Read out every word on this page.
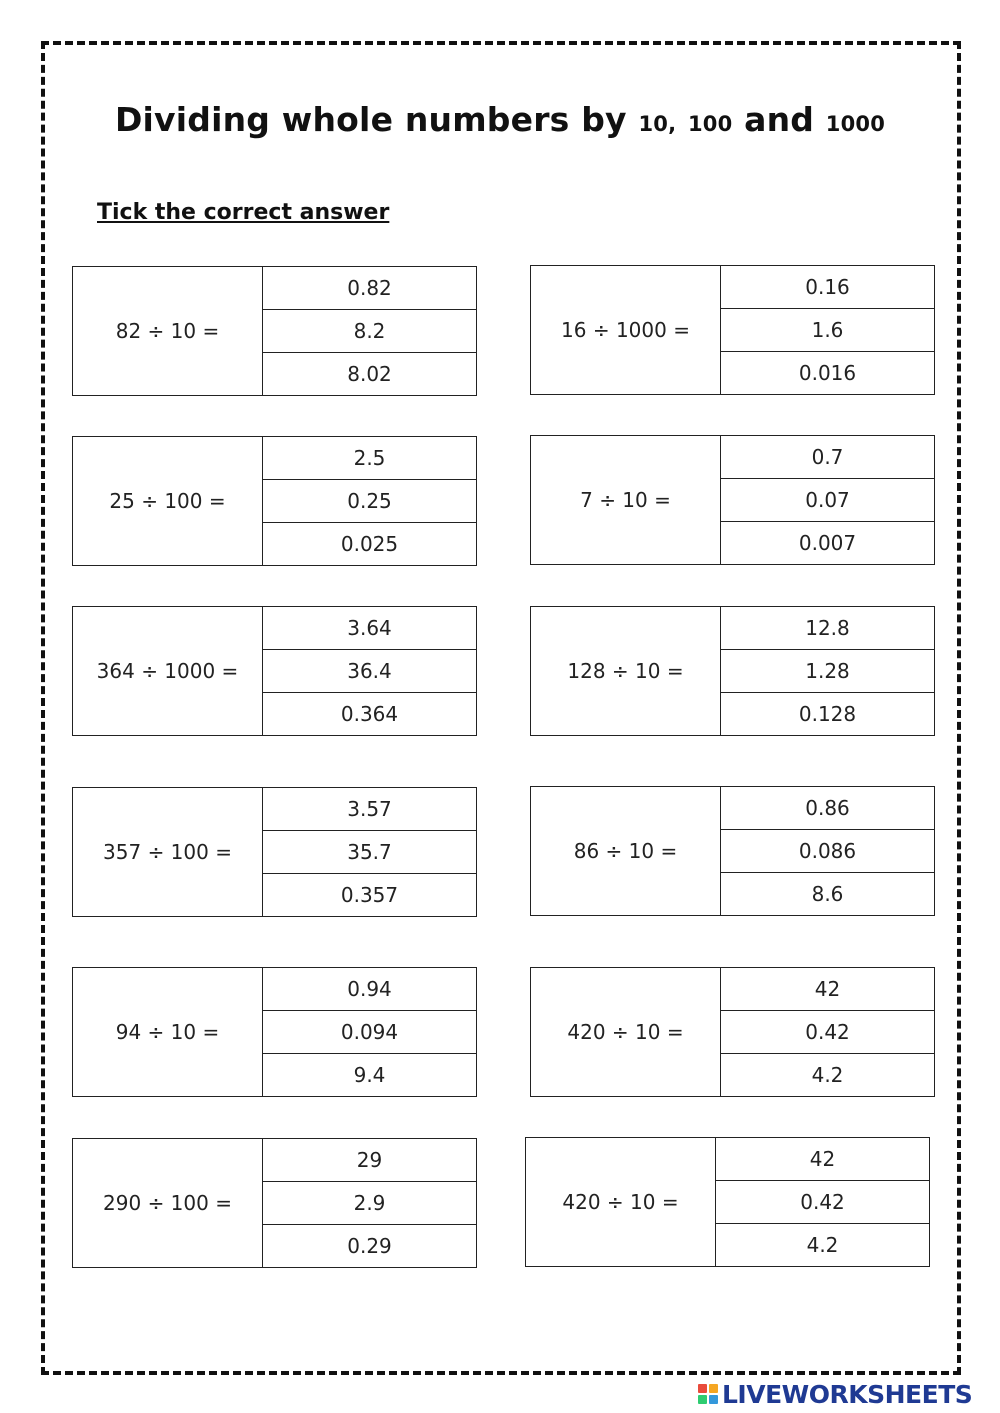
Dividing whole numbers by 10, 100 and 1000
Tick the correct answer
82 ÷ 10 =
0.82
8.2
8.02
16 ÷ 1000 =
0.16
1.6
0.016
25 ÷ 100 =
2.5
0.25
0.025
7 ÷ 10 =
0.7
0.07
0.007
364 ÷ 1000 =
3.64
36.4
0.364
128 ÷ 10 =
12.8
1.28
0.128
357 ÷ 100 =
3.57
35.7
0.357
86 ÷ 10 =
0.86
0.086
8.6
94 ÷ 10 =
0.94
0.094
9.4
420 ÷ 10 =
42
0.42
4.2
290 ÷ 100 =
29
2.9
0.29
420 ÷ 10 =
42
0.42
4.2
LIVEWORKSHEETS
